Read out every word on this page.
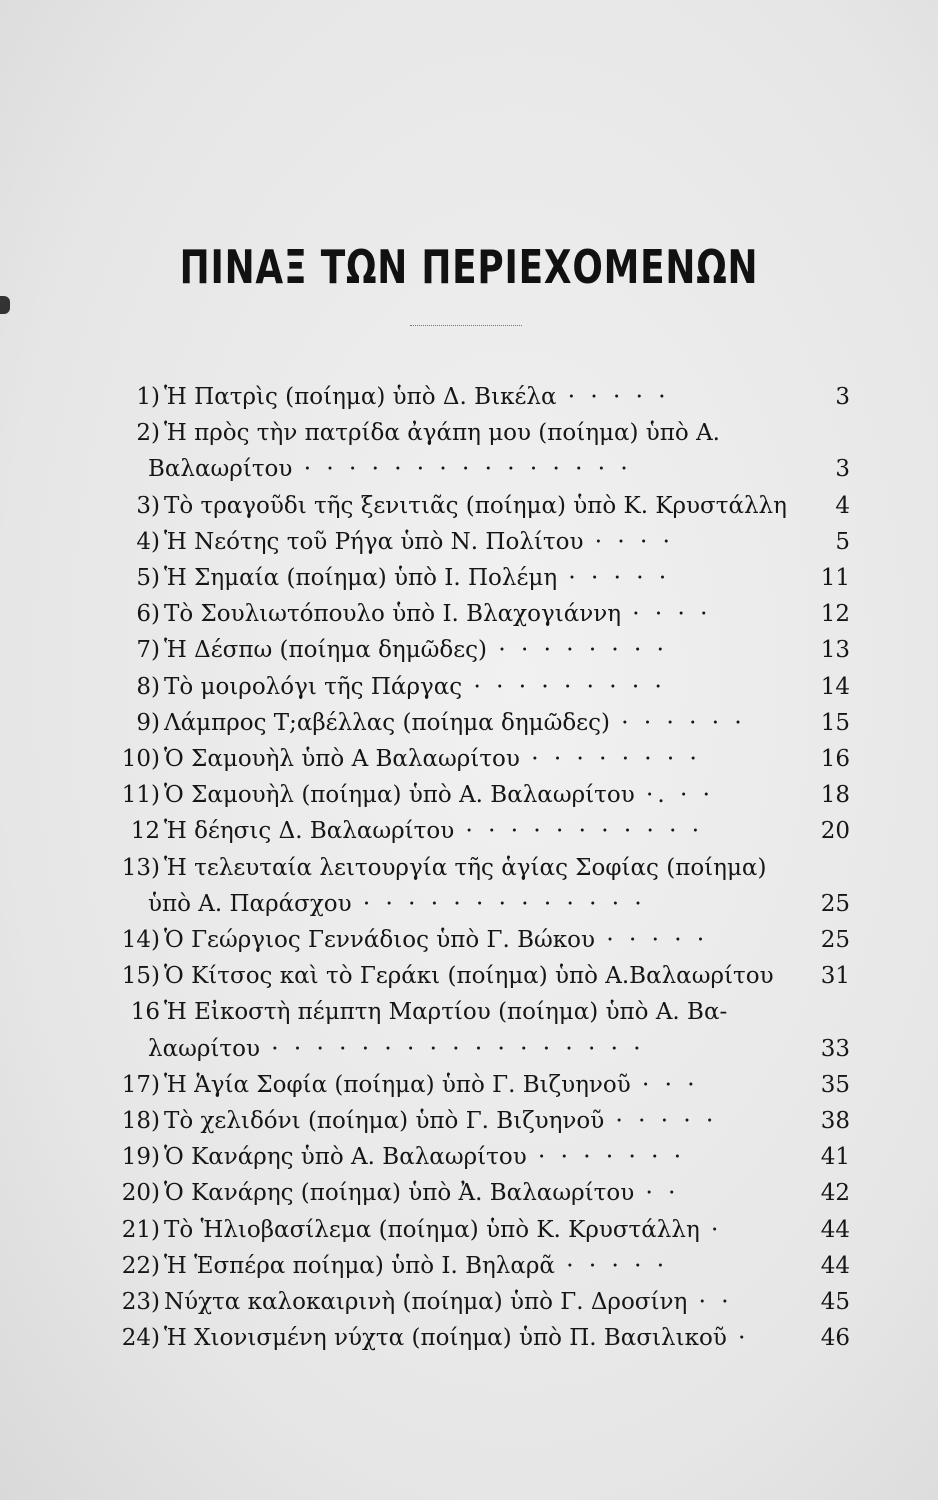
ΠΙΝΑΞ ΤΩΝ ΠΕΡΙΕΧΟΜΕΝΩΝ
1) Ἡ Πατρὶς (ποίημα) ὑπὸ Δ. Βικέλα · · · · ·	3
2) Ἡ πρὸς τὴν πατρίδα ἀγάπη μου (ποίημα) ὑπὸ Α.
Βαλαωρίτου · · · · · · · · · · · · · · ·	3
3) Τὸ τραγοῦδι τῆς ξενιτιᾶς (ποίημα) ὑπὸ Κ. Κρυστάλλη	4
4) Ἡ Νεότης τοῦ Ρήγα ὑπὸ Ν. Πολίτου · · · ·	5
5) Ἡ Σημαία (ποίημα) ὑπὸ Ι. Πολέμη · · · · ·	11
6) Τὸ Σουλιωτόπουλο ὑπὸ Ι. Βλαχογιάννη · · · ·	12
7) Ἡ Δέσπω (ποίημα δημῶδες) · · · · · · · ·	13
8) Τὸ μοιρολόγι τῆς Πάργας · · · · · · · · ·	14
9) Λάμπρος Τ;αβέλλας (ποίημα δημῶδες) · · · · · ·	15
10) Ὁ Σαμουὴλ ὑπὸ Α Βαλαωρίτου · · · · · · · ·	16
11) Ὁ Σαμουὴλ (ποίημα) ὑπὸ Α. Βαλαωρίτου ·. · ·	18
12 Ἡ δέησις Δ. Βαλαωρίτου · · · · · · · · · · ·	20
13) Ἡ τελευταία λειτουργία τῆς ἁγίας Σοφίας (ποίημα)
ὑπὸ Α. Παράσχου · · · · · · · · · · · · ·	25
14) Ὁ Γεώργιος Γεννάδιος ὑπὸ Γ. Βώκου · · · · ·	25
15) Ὁ Κίτσος καὶ τὸ Γεράκι (ποίημα) ὑπὸ Α.Βαλαωρίτου	31
16 Ἡ Εἰκοστὴ πέμπτη Μαρτίου (ποίημα) ὑπὸ Α. Βα-
λαωρίτου · · · · · · · · · · · · · · · · ·	33
17) Ἡ Ἁγία Σοφία (ποίημα) ὑπὸ Γ. Βιζυηνοῦ · · ·	35
18) Τὸ χελιδόνι (ποίημα) ὑπὸ Γ. Βιζυηνοῦ · · · · ·	38
19) Ὁ Κανάρης ὑπὸ Α. Βαλαωρίτου · · · · · · ·	41
20) Ὁ Κανάρης (ποίημα) ὑπὸ Ἀ. Βαλαωρίτου · ·	42
21) Τὸ Ἡλιοβασίλεμα (ποίημα) ὑπὸ Κ. Κρυστάλλη ·	44
22) Ἡ Ἑσπέρα ποίημα) ὑπὸ Ι. Βηλαρᾶ · · · · ·	44
23) Νύχτα καλοκαιρινὴ (ποίημα) ὑπὸ Γ. Δροσίνη · ·	45
24) Ἡ Χιονισμένη νύχτα (ποίημα) ὑπὸ Π. Βασιλικοῦ ·	46
